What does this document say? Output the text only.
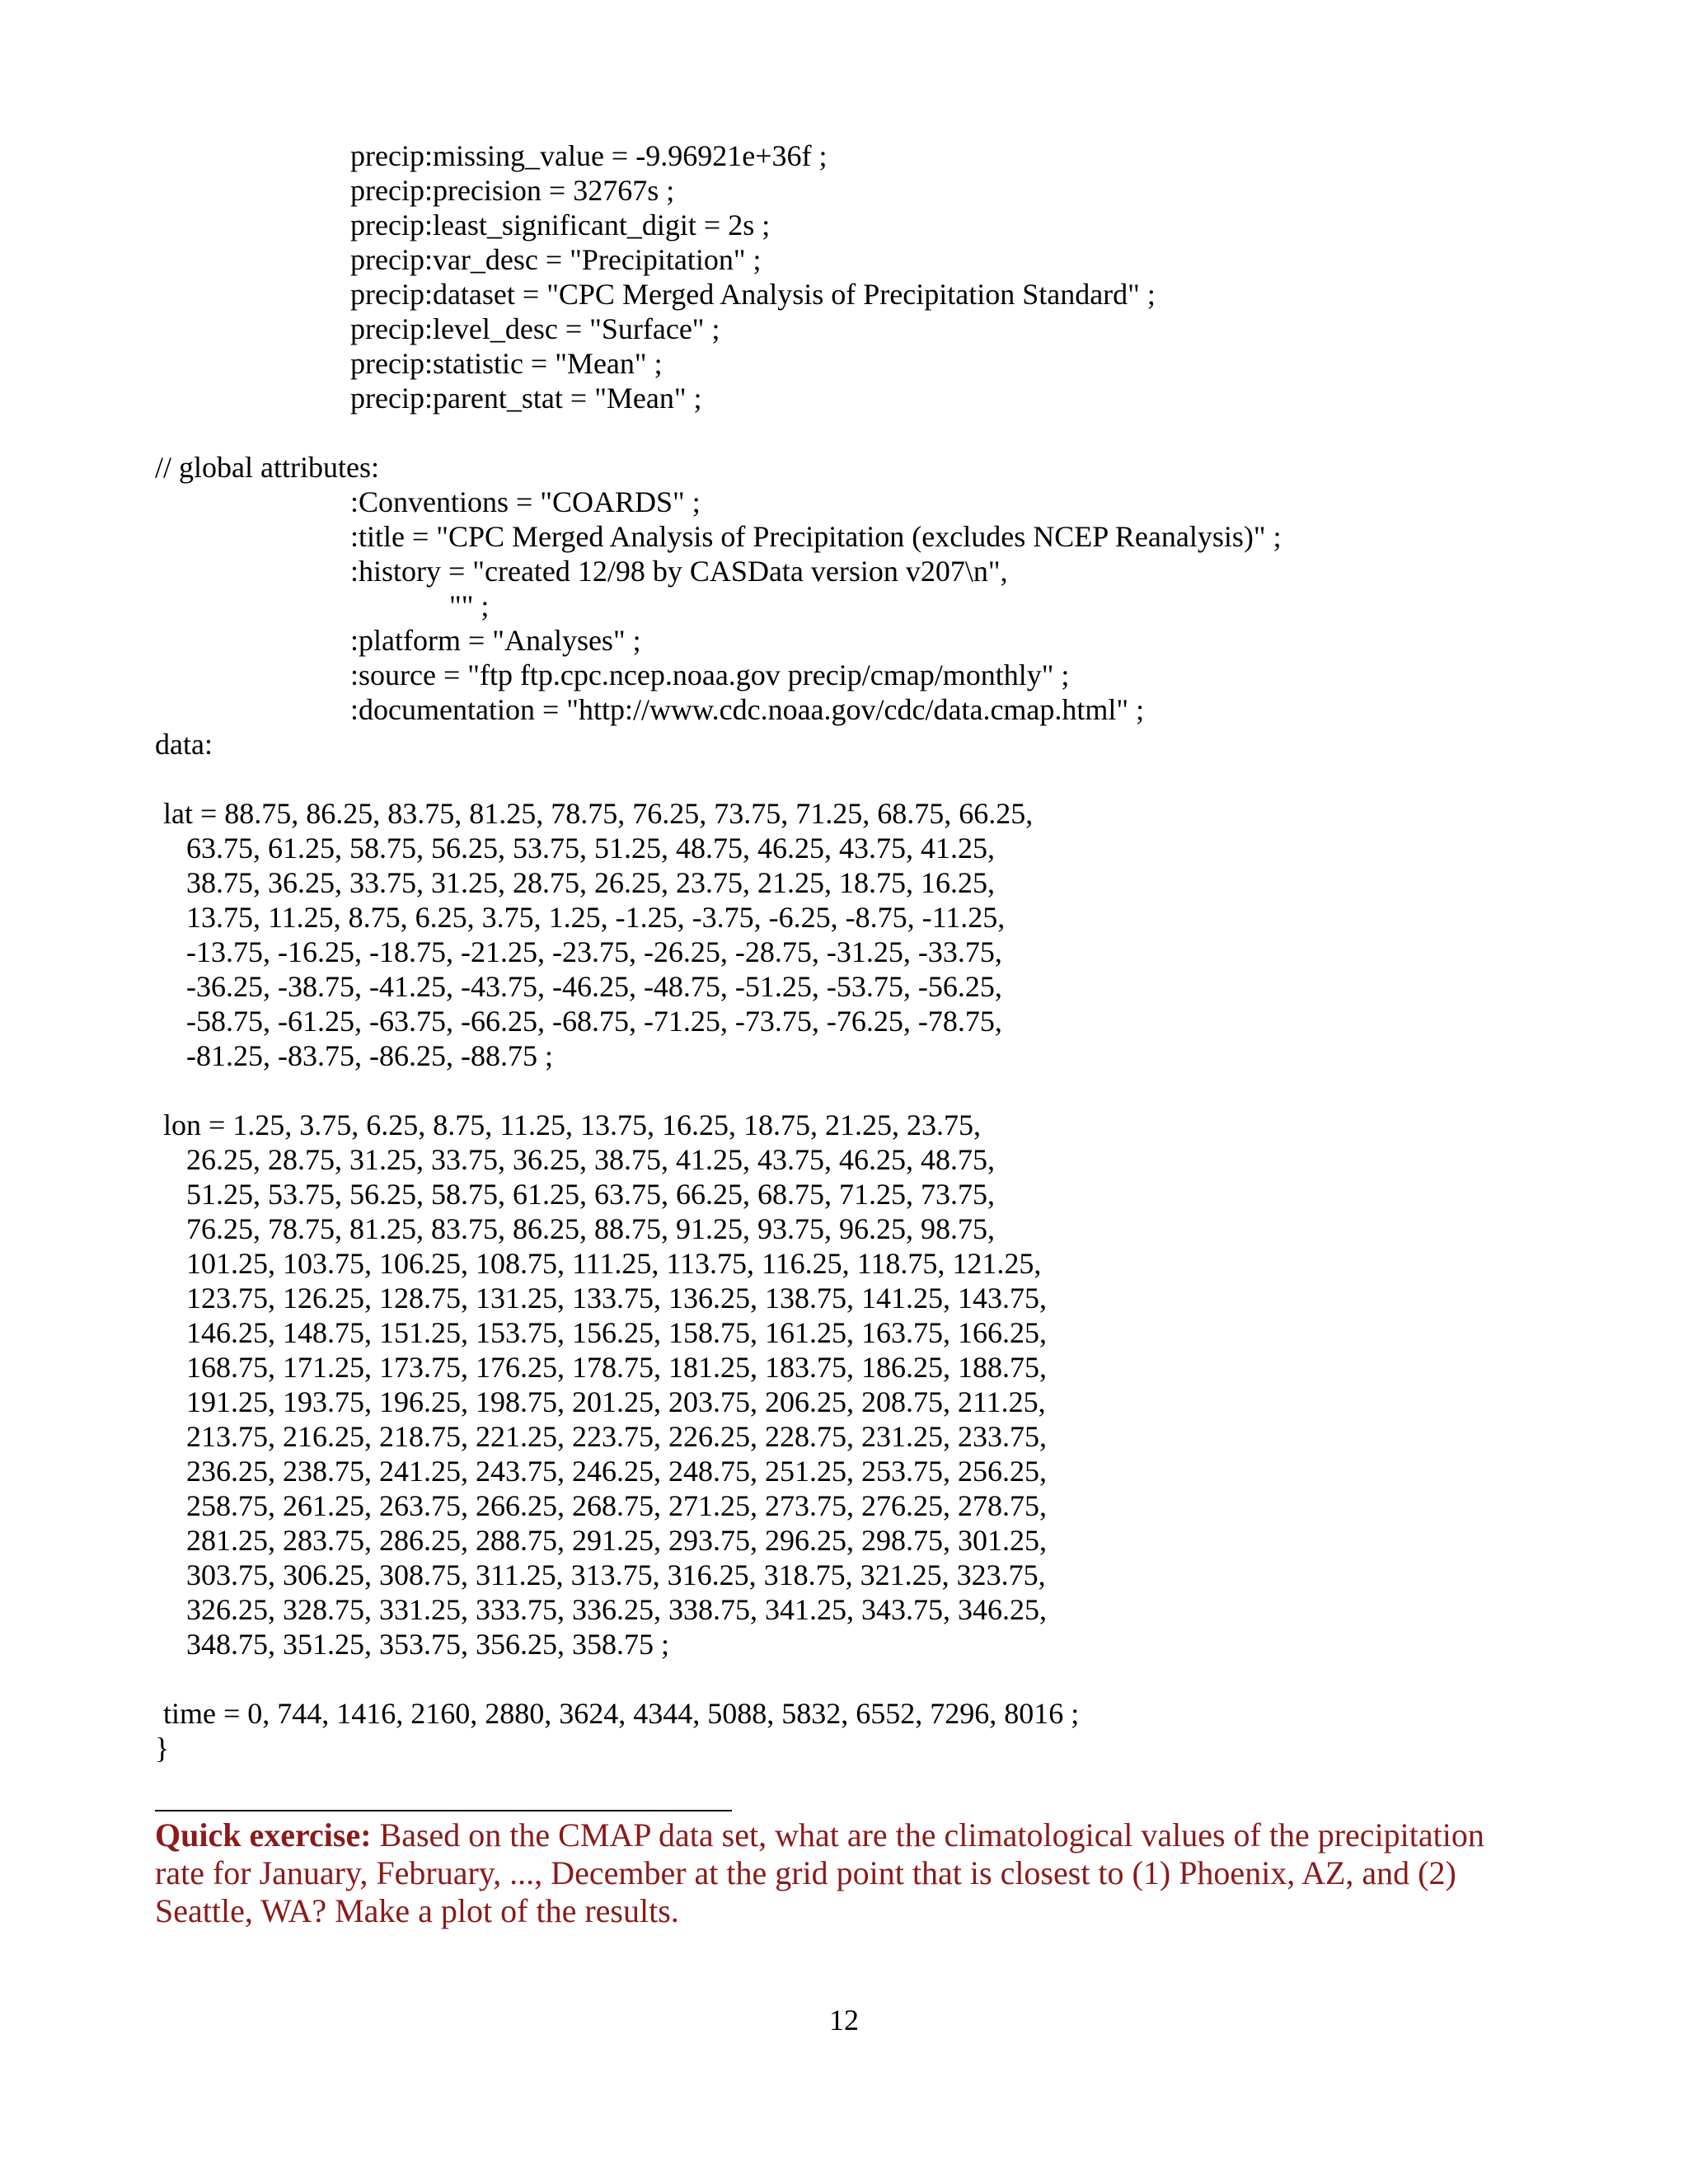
precip:missing_value = -9.96921e+36f ;

precip:precision = 32767s ;

precip:least_significant_digit = 2s ;

precip:var_desc = "Precipitation" ;

precip:dataset = "CPC Merged Analysis of Precipitation Standard" ;

precip:level_desc = "Surface" ;

precip:statistic = "Mean" ;

precip:parent_stat = "Mean" ;

// global attributes:

:Conventions = "COARDS" ;

:title = "CPC Merged Analysis of Precipitation (excludes NCEP Reanalysis)" ;

:history = "created 12/98 by CASData version v207\n",

"" ;

:platform = "Analyses" ;

:source = "ftp ftp.cpc.ncep.noaa.gov precip/cmap/monthly" ;

:documentation = "http://www.cdc.noaa.gov/cdc/data.cmap.html" ;

data:

lat = 88.75, 86.25, 83.75, 81.25, 78.75, 76.25, 73.75, 71.25, 68.75, 66.25,

63.75, 61.25, 58.75, 56.25, 53.75, 51.25, 48.75, 46.25, 43.75, 41.25,

38.75, 36.25, 33.75, 31.25, 28.75, 26.25, 23.75, 21.25, 18.75, 16.25,

13.75, 11.25, 8.75, 6.25, 3.75, 1.25, -1.25, -3.75, -6.25, -8.75, -11.25,

-13.75, -16.25, -18.75, -21.25, -23.75, -26.25, -28.75, -31.25, -33.75,

-36.25, -38.75, -41.25, -43.75, -46.25, -48.75, -51.25, -53.75, -56.25,

-58.75, -61.25, -63.75, -66.25, -68.75, -71.25, -73.75, -76.25, -78.75,

-81.25, -83.75, -86.25, -88.75 ;

lon = 1.25, 3.75, 6.25, 8.75, 11.25, 13.75, 16.25, 18.75, 21.25, 23.75,

26.25, 28.75, 31.25, 33.75, 36.25, 38.75, 41.25, 43.75, 46.25, 48.75,

51.25, 53.75, 56.25, 58.75, 61.25, 63.75, 66.25, 68.75, 71.25, 73.75,

76.25, 78.75, 81.25, 83.75, 86.25, 88.75, 91.25, 93.75, 96.25, 98.75,

101.25, 103.75, 106.25, 108.75, 111.25, 113.75, 116.25, 118.75, 121.25,

123.75, 126.25, 128.75, 131.25, 133.75, 136.25, 138.75, 141.25, 143.75,

146.25, 148.75, 151.25, 153.75, 156.25, 158.75, 161.25, 163.75, 166.25,

168.75, 171.25, 173.75, 176.25, 178.75, 181.25, 183.75, 186.25, 188.75,

191.25, 193.75, 196.25, 198.75, 201.25, 203.75, 206.25, 208.75, 211.25,

213.75, 216.25, 218.75, 221.25, 223.75, 226.25, 228.75, 231.25, 233.75,

236.25, 238.75, 241.25, 243.75, 246.25, 248.75, 251.25, 253.75, 256.25,

258.75, 261.25, 263.75, 266.25, 268.75, 271.25, 273.75, 276.25, 278.75,

281.25, 283.75, 286.25, 288.75, 291.25, 293.75, 296.25, 298.75, 301.25,

303.75, 306.25, 308.75, 311.25, 313.75, 316.25, 318.75, 321.25, 323.75,

326.25, 328.75, 331.25, 333.75, 336.25, 338.75, 341.25, 343.75, 346.25,

348.75, 351.25, 353.75, 356.25, 358.75 ;

time = 0, 744, 1416, 2160, 2880, 3624, 4344, 5088, 5832, 6552, 7296, 8016 ;

}

Quick exercise: Based on the CMAP data set, what are the climatological values of the precipitation rate for January, February, ..., December at the grid point that is closest to (1) Phoenix, AZ, and (2) Seattle, WA? Make a plot of the results.

12
